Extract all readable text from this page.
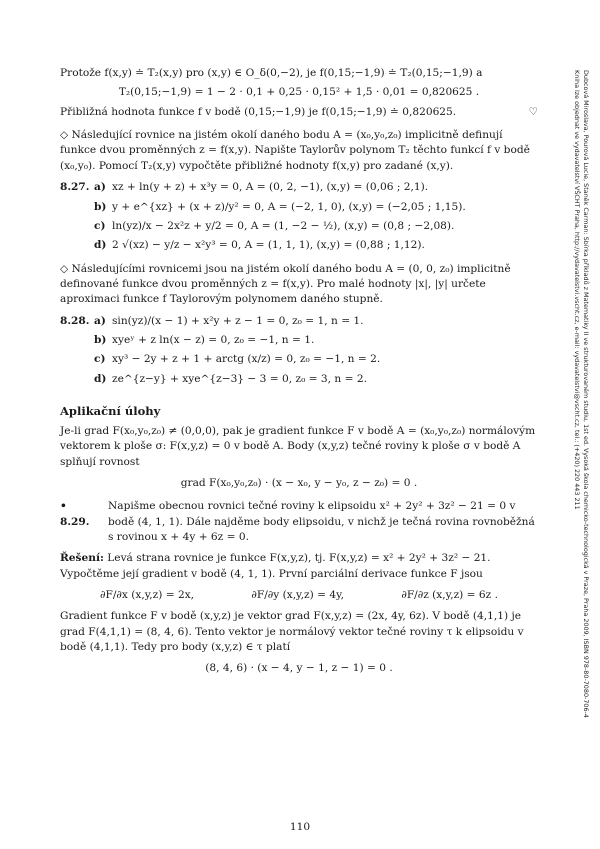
Dubcová Miroslava, Pourová Lucie, Staněk Carman: Sbírka příkladů z Matematiky II ve strukturovaném studiu, 1st ed. Vysoká škola chemicko-technologická v Praze, Praha 2009, ISBN 978-80-7080-706-4
Kniha lze objednat ve vydavatelství VŠCHT Praha, http://vydavatelstvi.vscht.cz, e-mail: vydavatelstvi@vscht.cz, tel.: (+420) 220 443 211

Protože f(x,y) ≐ T₂(x,y) pro (x,y) ∈ O_δ(0,−2), je f(0,15;−1,9) ≐ T₂(0,15;−1,9) a

T₂(0,15;−1,9) = 1 − 2 · 0,1 + 0,25 · 0,15² + 1,5 · 0,01 = 0,820625 .

Přibližná hodnota funkce f v bodě (0,15;−1,9) je f(0,15;−1,9) ≐ 0,820625.	♡

◇ Následující rovnice na jistém okolí daného bodu A = (x₀,y₀,z₀) implicitně definují funkce dvou proměnných z = f(x,y). Napište Taylorův polynom T₂ těchto funkcí f v bodě (x₀,y₀). Pomocí T₂(x,y) vypočtěte přibližné hodnoty f(x,y) pro zadané (x,y).

8.27. a) xz + ln(y + z) + x³y = 0, A = (0, 2, −1), (x,y) = (0,06 ; 2,1).
b) y + e^{xz} + (x + z)/y² = 0, A = (−2, 1, 0), (x,y) = (−2,05 ; 1,15).
c) ln(yz)/x − 2x²z + y/2 = 0, A = (1, −2 − ½), (x,y) = (0,8 ; −2,08).
d) 2 √(xz) − y/z − x²y³ = 0, A = (1, 1, 1), (x,y) = (0,88 ; 1,12).

◇ Následujícími rovnicemi jsou na jistém okolí daného bodu A = (0, 0, z₀) implicitně definované funkce dvou proměnných z = f(x,y). Pro malé hodnoty |x|, |y| určete aproximaci funkce f Taylorovým polynomem daného stupně.

8.28. a) sin(yz)/(x − 1) + x²y + z − 1 = 0, z₀ = 1, n = 1.
b) xyeʸ + z ln(x − z) = 0, z₀ = −1, n = 1.
c) xy³ − 2y + z + 1 + arctg (x/z) = 0, z₀ = −1, n = 2.
d) ze^{z−y} + xye^{z−3} − 3 = 0, z₀ = 3, n = 2.
Aplikační úlohy

Je-li grad F(x₀,y₀,z₀) ≠ (0,0,0), pak je gradient funkce F v bodě A = (x₀,y₀,z₀) normálovým vektorem k ploše σ: F(x,y,z) = 0 v bodě A. Body (x,y,z) tečné roviny k ploše σ v bodě A splňují rovnost

grad F(x₀,y₀,z₀) · (x − x₀, y − y₀, z − z₀) = 0 .

•8.29.

Napišme obecnou rovnici tečné roviny k elipsoidu x² + 2y² + 3z² − 21 = 0 v bodě (4, 1, 1). Dále najděme body elipsoidu, v nichž je tečná rovina rovnoběžná s rovinou x + 4y + 6z = 0.

Řešení: Levá strana rovnice je funkce F(x,y,z), tj. F(x,y,z) = x² + 2y² + 3z² − 21. Vypočtěme její gradient v bodě (4, 1, 1). První parciální derivace funkce F jsou

∂F/∂x (x,y,z) = 2x,	∂F/∂y (x,y,z) = 4y,	∂F/∂z (x,y,z) = 6z .

Gradient funkce F v bodě (x,y,z) je vektor grad F(x,y,z) = (2x, 4y, 6z). V bodě (4,1,1) je grad F(4,1,1) = (8, 4, 6). Tento vektor je normálový vektor tečné roviny τ k elipsoidu v bodě (4,1,1). Tedy pro body (x,y,z) ∈ τ platí

(8, 4, 6) · (x − 4, y − 1, z − 1) = 0 .

110
